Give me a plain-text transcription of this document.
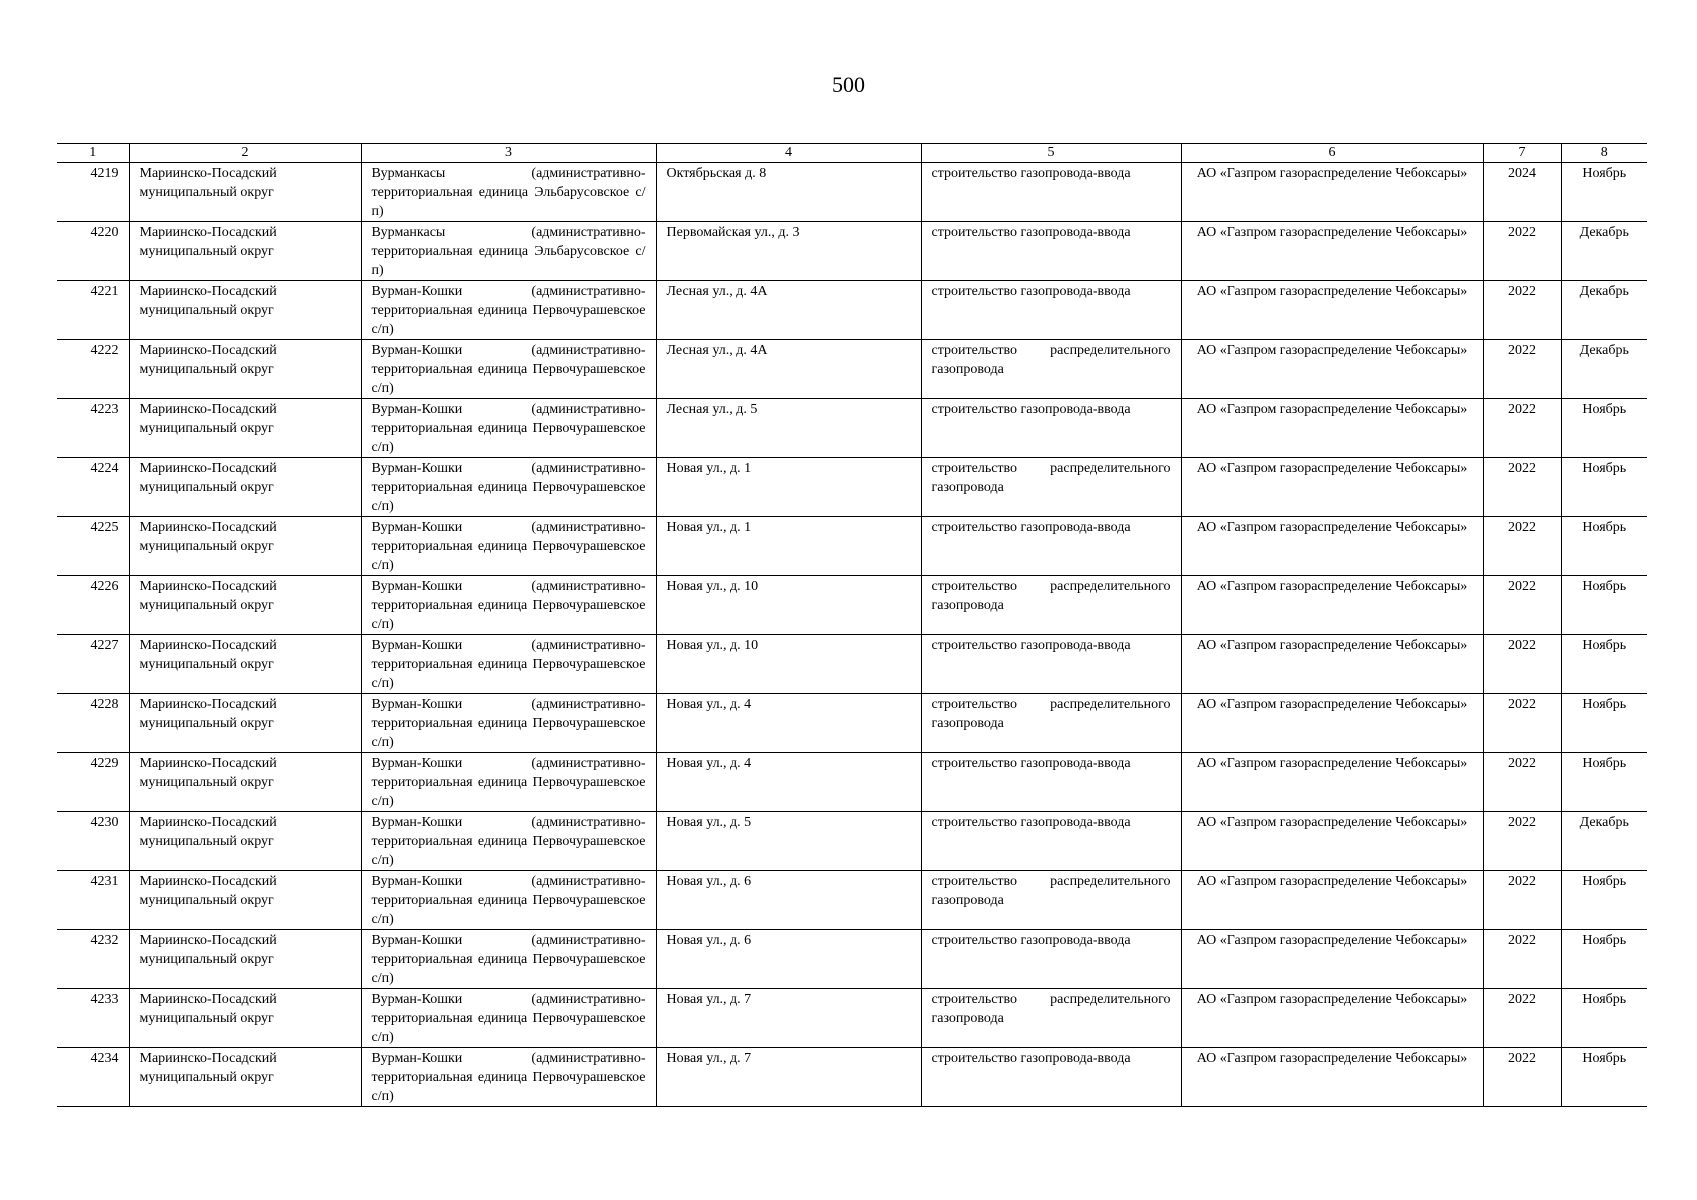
500
1	2	3	4	5	6	7	8
4219	Мариинско-Посадский муниципальный округ	Вурманкасы (административно-территориальная единица Эльбарусовское с/п)	Октябрьская д. 8	строительство газопровода-ввода	АО «Газпром газораспределение Чебоксары»	2024	Ноябрь
4220	Мариинско-Посадский муниципальный округ	Вурманкасы (административно-территориальная единица Эльбарусовское с/п)	Первомайская ул., д. 3	строительство газопровода-ввода	АО «Газпром газораспределение Чебоксары»	2022	Декабрь
4221	Мариинско-Посадский муниципальный округ	Вурман-Кошки (административно-территориальная единица Первочурашевское с/п)	Лесная ул., д. 4А	строительство газопровода-ввода	АО «Газпром газораспределение Чебоксары»	2022	Декабрь
4222	Мариинско-Посадский муниципальный округ	Вурман-Кошки (административно-территориальная единица Первочурашевское с/п)	Лесная ул., д. 4А	строительство распределительного газопровода	АО «Газпром газораспределение Чебоксары»	2022	Декабрь
4223	Мариинско-Посадский муниципальный округ	Вурман-Кошки (административно-территориальная единица Первочурашевское с/п)	Лесная ул., д. 5	строительство газопровода-ввода	АО «Газпром газораспределение Чебоксары»	2022	Ноябрь
4224	Мариинско-Посадский муниципальный округ	Вурман-Кошки (административно-территориальная единица Первочурашевское с/п)	Новая ул., д. 1	строительство распределительного газопровода	АО «Газпром газораспределение Чебоксары»	2022	Ноябрь
4225	Мариинско-Посадский муниципальный округ	Вурман-Кошки (административно-территориальная единица Первочурашевское с/п)	Новая ул., д. 1	строительство газопровода-ввода	АО «Газпром газораспределение Чебоксары»	2022	Ноябрь
4226	Мариинско-Посадский муниципальный округ	Вурман-Кошки (административно-территориальная единица Первочурашевское с/п)	Новая ул., д. 10	строительство распределительного газопровода	АО «Газпром газораспределение Чебоксары»	2022	Ноябрь
4227	Мариинско-Посадский муниципальный округ	Вурман-Кошки (административно-территориальная единица Первочурашевское с/п)	Новая ул., д. 10	строительство газопровода-ввода	АО «Газпром газораспределение Чебоксары»	2022	Ноябрь
4228	Мариинско-Посадский муниципальный округ	Вурман-Кошки (административно-территориальная единица Первочурашевское с/п)	Новая ул., д. 4	строительство распределительного газопровода	АО «Газпром газораспределение Чебоксары»	2022	Ноябрь
4229	Мариинско-Посадский муниципальный округ	Вурман-Кошки (административно-территориальная единица Первочурашевское с/п)	Новая ул., д. 4	строительство газопровода-ввода	АО «Газпром газораспределение Чебоксары»	2022	Ноябрь
4230	Мариинско-Посадский муниципальный округ	Вурман-Кошки (административно-территориальная единица Первочурашевское с/п)	Новая ул., д. 5	строительство газопровода-ввода	АО «Газпром газораспределение Чебоксары»	2022	Декабрь
4231	Мариинско-Посадский муниципальный округ	Вурман-Кошки (административно-территориальная единица Первочурашевское с/п)	Новая ул., д. 6	строительство распределительного газопровода	АО «Газпром газораспределение Чебоксары»	2022	Ноябрь
4232	Мариинско-Посадский муниципальный округ	Вурман-Кошки (административно-территориальная единица Первочурашевское с/п)	Новая ул., д. 6	строительство газопровода-ввода	АО «Газпром газораспределение Чебоксары»	2022	Ноябрь
4233	Мариинско-Посадский муниципальный округ	Вурман-Кошки (административно-территориальная единица Первочурашевское с/п)	Новая ул., д. 7	строительство распределительного газопровода	АО «Газпром газораспределение Чебоксары»	2022	Ноябрь
4234	Мариинско-Посадский муниципальный округ	Вурман-Кошки (административно-территориальная единица Первочурашевское с/п)	Новая ул., д. 7	строительство газопровода-ввода	АО «Газпром газораспределение Чебоксары»	2022	Ноябрь
